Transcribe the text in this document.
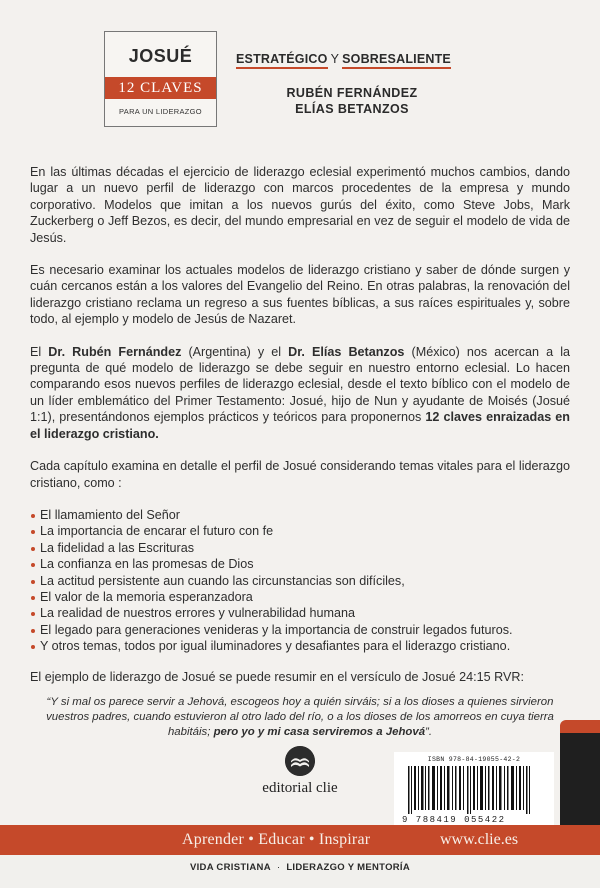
JOSUÉ
12 CLAVES
PARA UN LIDERAZGO
ESTRATÉGICO Y SOBRESALIENTE
RUBÉN FERNÁNDEZ
ELÍAS BETANZOS

En las últimas décadas el ejercicio de liderazgo eclesial experimentó muchos cambios, dando lugar a un nuevo perfil de liderazgo con marcos procedentes de la empresa y mundo corporativo. Modelos que imitan a los nuevos gurús del éxito, como Steve Jobs, Mark Zuckerberg o Jeff Bezos, es decir, del mundo empresarial en vez de seguir el modelo de vida de Jesús.

Es necesario examinar los actuales modelos de liderazgo cristiano y saber de dónde surgen y cuán cercanos están a los valores del Evangelio del Reino. En otras palabras, la renovación del liderazgo cristiano reclama un regreso a sus fuentes bíblicas, a sus raíces espirituales y, sobre todo, al ejemplo y modelo de Jesús de Nazaret.

El Dr. Rubén Fernández (Argentina) y el Dr. Elías Betanzos (México) nos acercan a la pregunta de qué modelo de liderazgo se debe seguir en nuestro entorno eclesial. Lo hacen comparando esos nuevos perfiles de liderazgo eclesial, desde el texto bíblico con el modelo de un líder emblemático del Primer Testamento: Josué, hijo de Nun y ayudante de Moisés (Josué 1:1), presentándonos ejemplos prácticos y teóricos para proponernos 12 claves enraizadas en el liderazgo cristiano.

Cada capítulo examina en detalle el perfil de Josué considerando temas vitales para el liderazgo cristiano, como :

El llamamiento del Señor
La importancia de encarar el futuro con fe
La fidelidad a las Escrituras
La confianza en las promesas de Dios
La actitud persistente aun cuando las circunstancias son difíciles,
El valor de la memoria esperanzadora
La realidad de nuestros errores y vulnerabilidad humana
El legado para generaciones venideras y la importancia de construir legados futuros.
Y otros temas, todos por igual iluminadores y desafiantes para el liderazgo cristiano.

El ejemplo de liderazgo de Josué se puede resumir en el versículo de Josué 24:15 RVR:

“Y si mal os parece servir a Jehová, escogeos hoy a quién sirváis; si a los dioses a quienes sirvieron vuestros padres, cuando estuvieron al otro lado del río, o a los dioses de los amorreos en cuya tierra habitáis; pero yo y mi casa serviremos a Jehová”.
editorial clie
ISBN 978-84-19055-42-2
9 788419 055422
Aprender • Educar • Inspirar	www.clie.es
VIDA CRISTIANA · LIDERAZGO Y MENTORÍA
